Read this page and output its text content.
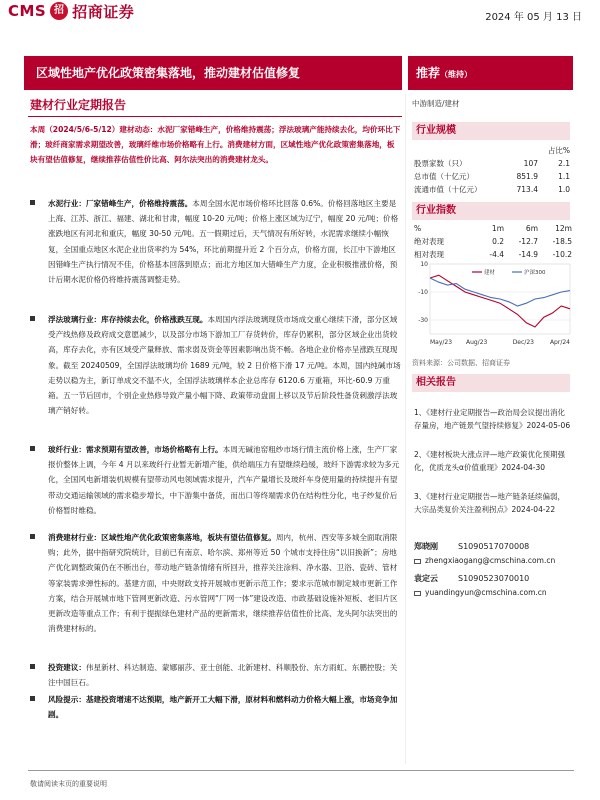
CMS 招 招商证券	2024 年 05 月 13 日
区域性地产优化政策密集落地，推动建材估值修复	推荐（维持）
建材行业定期报告
本周（2024/5/6-5/12）建材动态：水泥厂家错峰生产，价格维持震荡；浮法玻璃产能持续去化，均价环比下滑；玻纤商家需求期望改善，玻璃纤维市场价格略有上行。消费建材方面，区域性地产优化政策密集落地，板块有望估值修复，继续推荐估值性价比高、阿尔法突出的消费建材龙头。
水泥行业：厂家错峰生产，价格维持震荡。本周全国水泥市场价格环比回落 0.6%。价格回落地区主要是上海、江苏、浙江、福建、湖北和甘肃，幅度 10-20 元/吨；价格上涨区域为辽宁，幅度 20 元/吨；价格涨跌地区有河北和重庆，幅度 30-50 元/吨。五一假期过后，天气情况有所好转，水泥需求继续小幅恢复，全国重点地区水泥企业出货率约为 54%，环比前期提升近 2 个百分点，价格方面，长江中下游地区因错峰生产执行情况不佳，价格基本回落到原点；而北方地区加大错峰生产力度，企业积极推涨价格，预计后期水泥价格仍将维持震荡调整走势。
浮法玻璃行业：库存持续去化，价格涨跌互现。本周国内浮法玻璃现货市场成交重心继续下滑，部分区域受产线热修及政府成交意愿减少，以及部分市场下游加工厂存货转价，库存仍累积，部分区域企业出货较高，库存去化，亦有区域受产量释放、需求弱及资金等因素影响出货不畅。各地企业价格亦呈涨跌互现现象。截至 20240509，全国浮法玻璃均价 1689 元/吨，较 2 日价格下滑 17 元/吨。本周，国内纯碱市场走势以稳为主，新订单成交不温不火，全国浮法玻璃样本企业总库存 6120.6 万重箱，环比-60.9 万重箱。五一节后回市，个别企业热修导致产量小幅下降、政策带动盘面上移以及节后阶段性备货刺激浮法玻璃产销好转。
玻纤行业：需求预期有望改善，市场价格略有上行。本周无碱池窑粗纱市场行情主流价格上涨，生产厂家报价整体上调，今年 4 月以来玻纤行业暂无新增产能，供给端压力有望继续趋缓，玻纤下游需求较为多元化，全国风电新增装机规模有望带动风电领域需求提升，汽车产量增长及玻纤车身使用量的持续提升有望带动交通运输领域的需求稳步增长，中下游集中备货，而出口等终端需求仍在结构性分化，电子纱复价后价格暂时维稳。
消费建材行业：区域性地产优化政策密集落地，板块有望估值修复。周内，杭州、西安等多城全面取消限购；此外，据中指研究院统计，目前已有南京、哈尔滨、郑州等近 50 个城市支持住房“以旧换新”；房地产优化调整政策仍在不断出台，带动地产链条情绪有所回升，推荐关注涂料、净水器、卫浴、瓷砖、管材等家装需求弹性标的。基建方面，中央财政支持开展城市更新示范工作；要求示范城市制定城市更新工作方案，结合开展城市地下管网更新改造、污水管网“厂网一体”建设改造、市政基础设施补短板、老旧片区更新改造等重点工作；有利于提振绿色建材产品的更新需求，继续推荐估值性价比高、龙头阿尔法突出的消费建材标的。
投资建议：伟星新材、科达制造、蒙娜丽莎、亚士创能、北新建材、科顺股份、东方雨虹、东鹏控股；关注中国巨石。
风险提示：基建投资增速不达预期，地产新开工大幅下滑，原材料和燃料动力价格大幅上涨，市场竞争加剧。
中游制造/建材
行业规模
占比%
股票家数（只）	107	2.1
总市值（十亿元）	851.9	1.1
流通市值（十亿元）	713.4	1.0
行业指数
%	1m	6m	12m
绝对表现	0.2	-12.7	-18.5
相对表现	-4.4	-14.9	-10.2
10
-10
-30
May/23 Aug/23	Dec/23	Apr/24
建材	沪深300
资料来源：公司数据、招商证券
相关报告
1、《建材行业定期报告—政治局会议提出消化存量房，地产链景气望持续修复》2024-05-06
2、《建材板块大涨点评—地产政策优化预期强化，优质龙头α价值重现》2024-04-30
3、《建材行业定期报告—地产链条延续偏弱，大宗品类复价关注盈利拐点》2024-04-22
郑晓刚	S1090517070008
zhengxiaogang@cmschina.com.cn
袁定云	S1090523070010
yuandingyun@cmschina.com.cn
敬请阅读末页的重要说明
